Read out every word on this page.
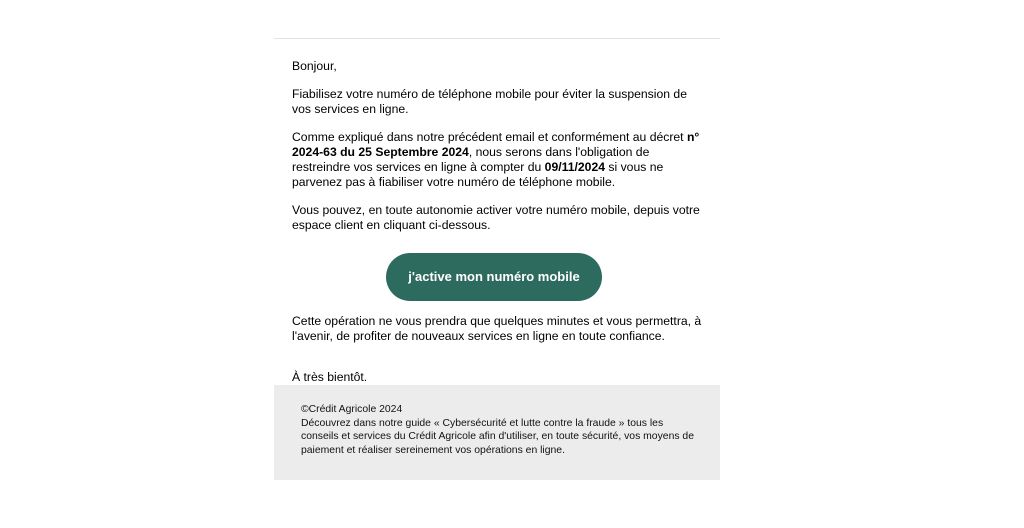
Bonjour,

Fiabilisez votre numéro de téléphone mobile pour éviter la suspension de vos services en ligne.

Comme expliqué dans notre précédent email et conformément au décret n° 2024-63 du 25 Septembre 2024, nous serons dans l'obligation de restreindre vos services en ligne à compter du 09/11/2024 si vous ne parvenez pas à fiabiliser votre numéro de téléphone mobile.

Vous pouvez, en toute autonomie activer votre numéro mobile, depuis votre espace client en cliquant ci-dessous.

j'active mon numéro mobile

Cette opération ne vous prendra que quelques minutes et vous permettra, à l'avenir, de profiter de nouveaux services en ligne en toute confiance.

À très bientôt.

©Crédit Agricole 2024

Découvrez dans notre guide « Cybersécurité et lutte contre la fraude » tous les conseils et services du Crédit Agricole afin d'utiliser, en toute sécurité, vos moyens de paiement et réaliser sereinement vos opérations en ligne.
